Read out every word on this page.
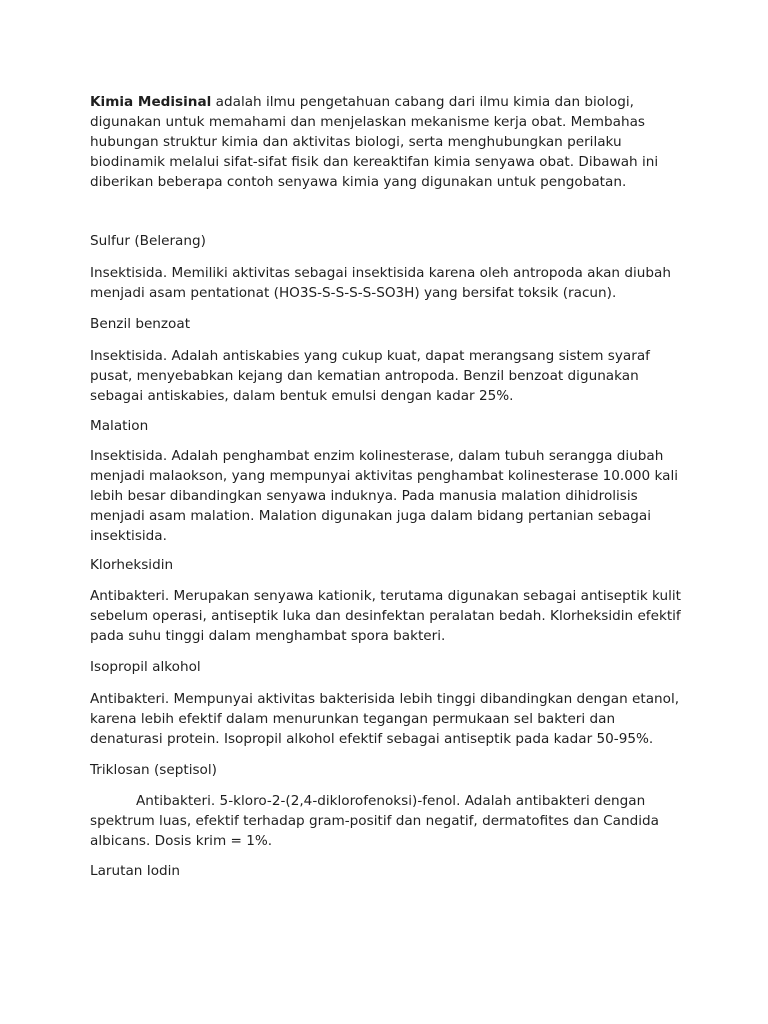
Kimia Medisinal adalah ilmu pengetahuan cabang dari ilmu kimia dan biologi, digunakan untuk memahami dan menjelaskan mekanisme kerja obat. Membahas hubungan struktur kimia dan aktivitas biologi, serta menghubungkan perilaku biodinamik melalui sifat-sifat fisik dan kereaktifan kimia senyawa obat. Dibawah ini diberikan beberapa contoh senyawa kimia yang digunakan untuk pengobatan.

Sulfur (Belerang)

Insektisida. Memiliki aktivitas sebagai insektisida karena oleh antropoda akan diubah menjadi asam pentationat (HO3S-S-S-S-S-SO3H) yang bersifat toksik (racun).

Benzil benzoat

Insektisida. Adalah antiskabies yang cukup kuat, dapat merangsang sistem syaraf pusat, menyebabkan kejang dan kematian antropoda. Benzil benzoat digunakan sebagai antiskabies, dalam bentuk emulsi dengan kadar 25%.

Malation

Insektisida. Adalah penghambat enzim kolinesterase, dalam tubuh serangga diubah menjadi malaokson, yang mempunyai aktivitas penghambat kolinesterase 10.000 kali lebih besar dibandingkan senyawa induknya. Pada manusia malation dihidrolisis menjadi asam malation. Malation digunakan juga dalam bidang pertanian sebagai insektisida.

Klorheksidin

Antibakteri. Merupakan senyawa kationik, terutama digunakan sebagai antiseptik kulit sebelum operasi, antiseptik luka dan desinfektan peralatan bedah. Klorheksidin efektif pada suhu tinggi dalam menghambat spora bakteri.

Isopropil alkohol

Antibakteri. Mempunyai aktivitas bakterisida lebih tinggi dibandingkan dengan etanol, karena lebih efektif dalam menurunkan tegangan permukaan sel bakteri dan denaturasi protein. Isopropil alkohol efektif sebagai antiseptik pada kadar 50-95%.

Triklosan (septisol)

Antibakteri. 5-kloro-2-(2,4-diklorofenoksi)-fenol. Adalah antibakteri dengan spektrum luas, efektif terhadap gram-positif dan negatif, dermatofites dan Candida albicans. Dosis krim = 1%.

Larutan Iodin
